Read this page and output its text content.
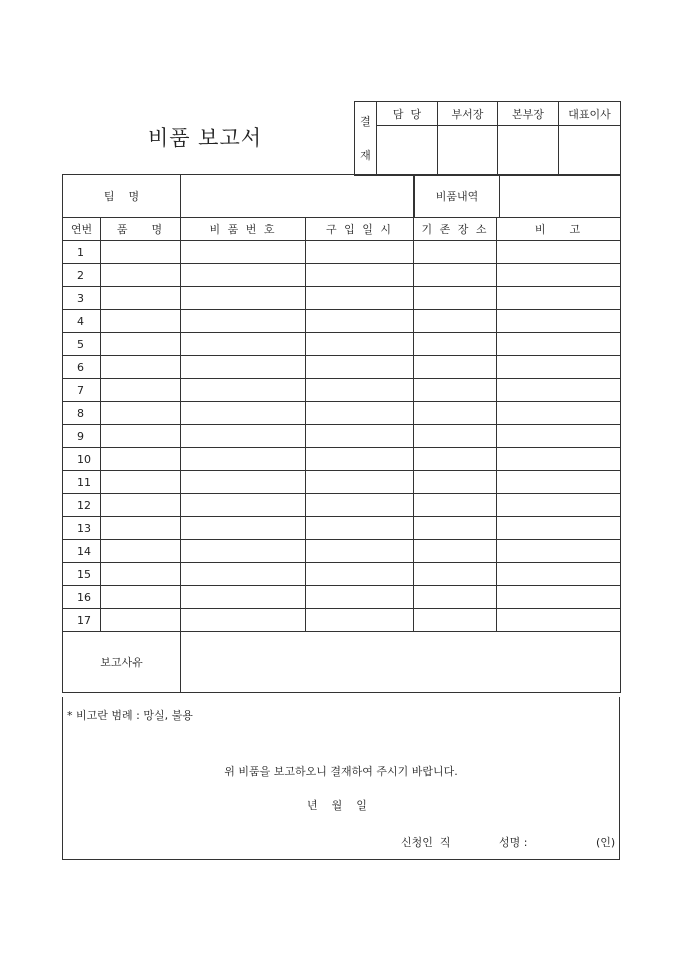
비품 보고서
결
재	담  당	부서장	본부장	대표이사

팀    명				비품내역	

연번	품    명	비 품 번 호	구 입 일 시	기 존 장 소	비    고
1					
2					
3					
4					
5					
6					
7					
8					
9					
10					
11					
12					
13					
14					
15					
16					
17					
보고사유					
* 비고란 범례 : 망실, 불용
위 비품을 보고하오니 결재하여 주시기 바랍니다.
년    월    일
신청인  직	성명 :	(인)
